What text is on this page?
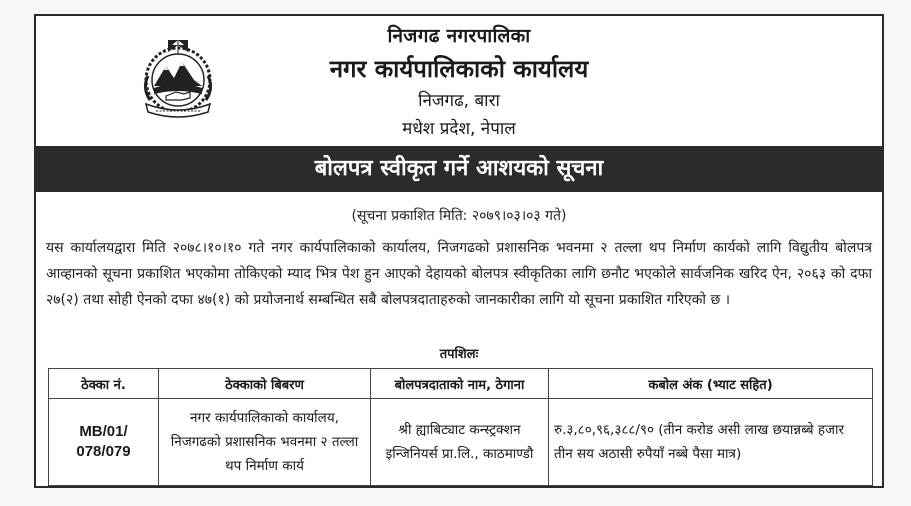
निजगढ नगरपालिका
नगर कार्यपालिकाको कार्यालय
निजगढ, बारा
मधेश प्रदेश, नेपाल
बोलपत्र स्वीकृत गर्ने आशयको सूचना
(सूचना प्रकाशित मिति: २०७९।०३।०३ गते)
यस कार्यालयद्वारा मिति २०७८।१०।१० गते नगर कार्यपालिकाको कार्यालय, निजगढको प्रशासनिक भवनमा २ तल्ला थप निर्माण कार्यको लागि विद्युतीय बोलपत्र आव्हानको सूचना प्रकाशित भएकोमा तोकिएको म्याद भित्र पेश हुन आएको देहायको बोलपत्र स्वीकृतिका लागि छनौट भएकोले सार्वजनिक खरिद ऐन, २०६३ को दफा २७(२) तथा सोही ऐनको दफा ४७(१) को प्रयोजनार्थ सम्बन्धित सबै बोलपत्रदाताहरुको जानकारीका लागि यो सूचना प्रकाशित गरिएको छ ।
तपशिलः
ठेक्का नं.	ठेक्काको बिबरण	बोलपत्रदाताको नाम, ठेगाना	कबोल अंक (भ्याट सहित)

MB/01/
078/079	नगर कार्यपालिकाको कार्यालय, निजगढको प्रशासनिक भवनमा २ तल्ला थप निर्माण कार्य	श्री ह्याबिट्याट कन्स्ट्रक्शन इन्जिनियर्स प्रा.लि., काठमाण्डौ	रु.३,८०,९६,३८८/९० (तीन करोड असी लाख छयान्नब्बे हजार तीन सय अठासी रुपैयाँ नब्बे पैसा मात्र)
